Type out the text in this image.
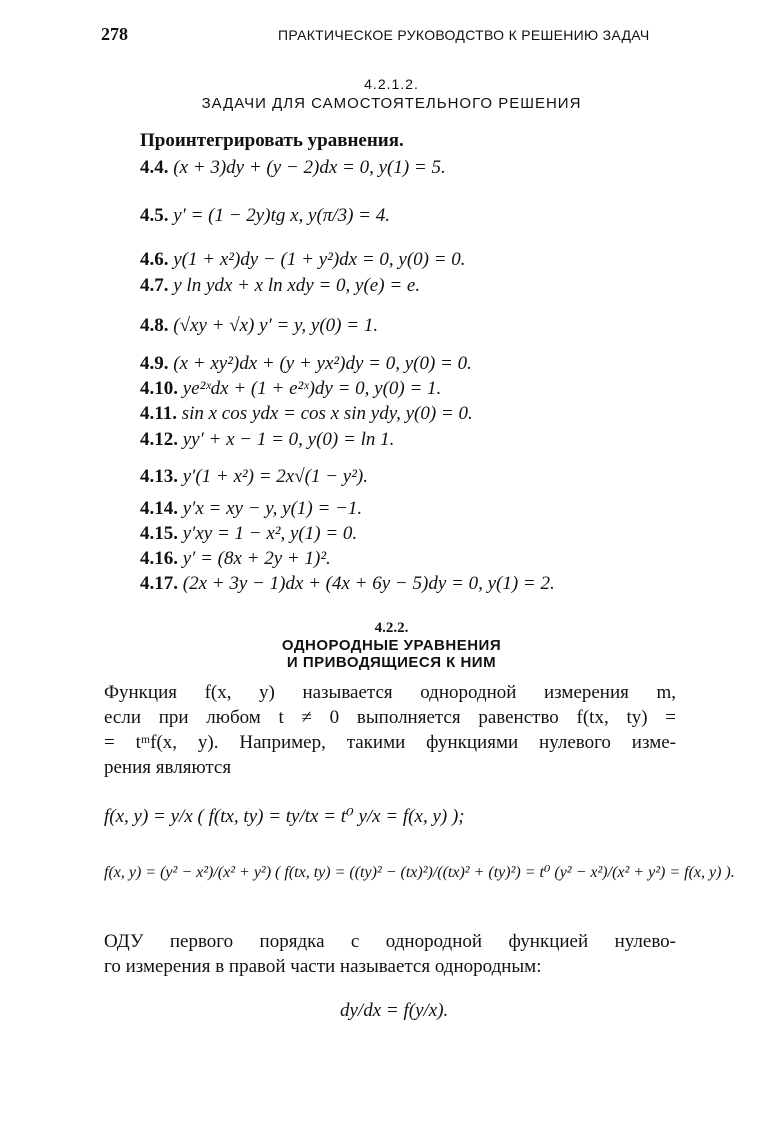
278	ПРАКТИЧЕСКОЕ РУКОВОДСТВО К РЕШЕНИЮ ЗАДАЧ
4.2.1.2.
ЗАДАЧИ ДЛЯ САМОСТОЯТЕЛЬНОГО РЕШЕНИЯ
Проинтегрировать уравнения.
4.4. (x + 3)dy + (y − 2)dx = 0, y(1) = 5.
4.5. y′ = (1 − 2y)tg x, y(π/3) = 4.
4.6. y(1 + x²)dy − (1 + y²)dx = 0, y(0) = 0.
4.7. y ln ydx + x ln xdy = 0, y(e) = e.
4.8. (√xy + √x) y′ = y, y(0) = 1.
4.9. (x + xy²)dx + (y + yx²)dy = 0, y(0) = 0.
4.10. ye²ˣdx + (1 + e²ˣ)dy = 0, y(0) = 1.
4.11. sin x cos ydx = cos x sin ydy, y(0) = 0.
4.12. yy′ + x − 1 = 0, y(0) = ln 1.
4.13. y′(1 + x²) = 2x√(1 − y²).
4.14. y′x = xy − y, y(1) = −1.
4.15. y′xy = 1 − x², y(1) = 0.
4.16. y′ = (8x + 2y + 1)².
4.17. (2x + 3y − 1)dx + (4x + 6y − 5)dy = 0, y(1) = 2.
4.2.2.
ОДНОРОДНЫЕ УРАВНЕНИЯ
И ПРИВОДЯЩИЕСЯ К НИМ
Функция f(x, y) называется однородной измерения m,
если при любом t ≠ 0 выполняется равенство f(tx, ty) =
= tᵐf(x, y). Например, такими функциями нулевого изме-
рения являются
f(x, y) = y/x ( f(tx, ty) = ty/tx = t⁰ y/x = f(x, y) );
f(x, y) = (y² − x²)/(x² + y²) ( f(tx, ty) = ((ty)² − (tx)²)/((tx)² + (ty)²) = t⁰ (y² − x²)/(x² + y²) = f(x, y) ).
ОДУ первого порядка с однородной функцией нулево-
го измерения в правой части называется однородным:
dy/dx = f(y/x).
